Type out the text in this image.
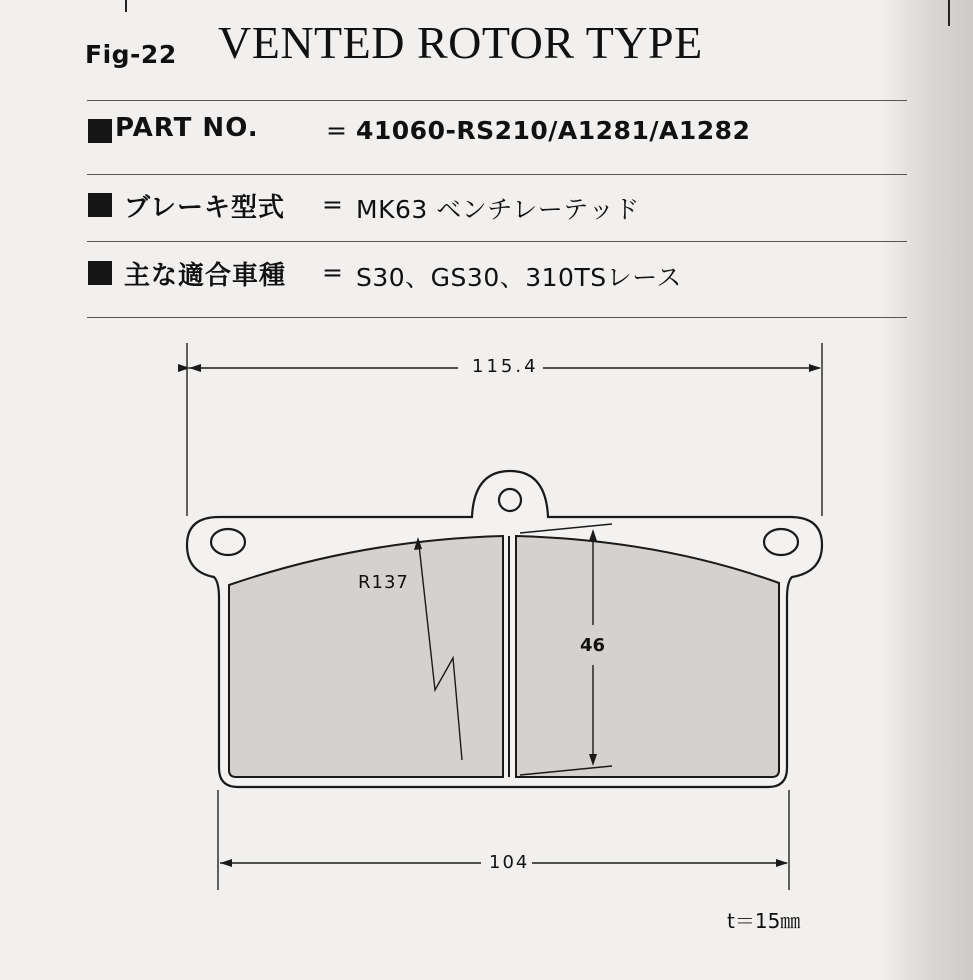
Fig-22 VENTED ROTOR TYPE
PART NO.	= 41060-RS210/A1281/A1282
ブレーキ型式 = MK63 ベンチレーテッド
主な適合車種 = S30、GS30、310TSレース
115.4
104
46
R137
t＝15㎜
